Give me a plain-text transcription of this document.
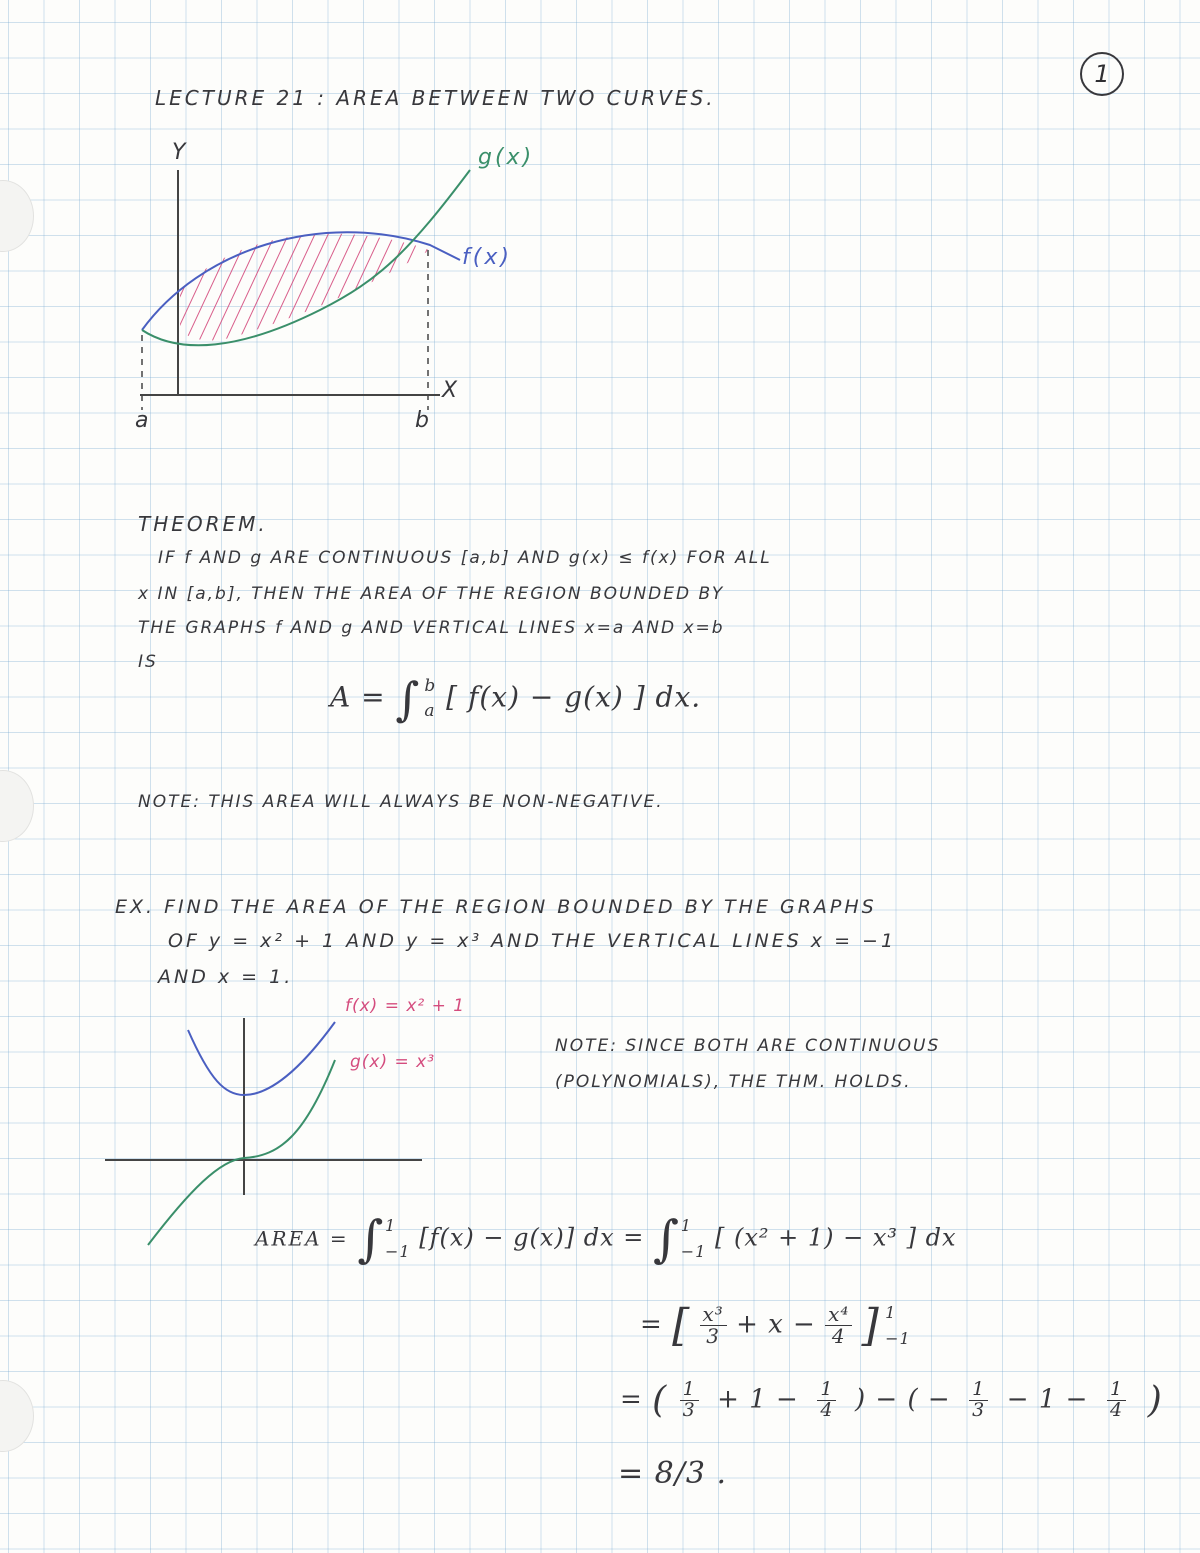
1
LECTURE 21 : AREA BETWEEN TWO CURVES.
Y
X
g(x)
f(x)
a	b
THEOREM.
IF f AND g ARE CONTINUOUS [a,b] AND g(x) ≤ f(x) FOR ALL
x IN [a,b], THEN THE AREA OF THE REGION BOUNDED BY
THE GRAPHS f AND g AND VERTICAL LINES x=a AND x=b
IS
A = ∫ b
a [ f(x) − g(x) ] dx.
NOTE: THIS AREA WILL ALWAYS BE NON-NEGATIVE.
EX. FIND THE AREA OF THE REGION BOUNDED BY THE GRAPHS
OF y = x² + 1 AND y = x³ AND THE VERTICAL LINES x = −1
AND x = 1.
f(x) = x² + 1
g(x) = x³
NOTE: SINCE BOTH ARE CONTINUOUS
(POLYNOMIALS), THE THM. HOLDS.
AREA = ∫ 1
−1 [f(x) − g(x)] dx = ∫ 1
−1 [ (x² + 1) − x³ ] dx
= [ $\frac{\text{x³}}{3} + x - \frac{\text{x⁴}}{4}$ ] 1
−1
= ( $\frac{1}{3} + 1 - \frac{1}{4}$ ) − ( − $\frac{1}{3} - 1 - \frac{1}{4}$ )
= 8/3 .
